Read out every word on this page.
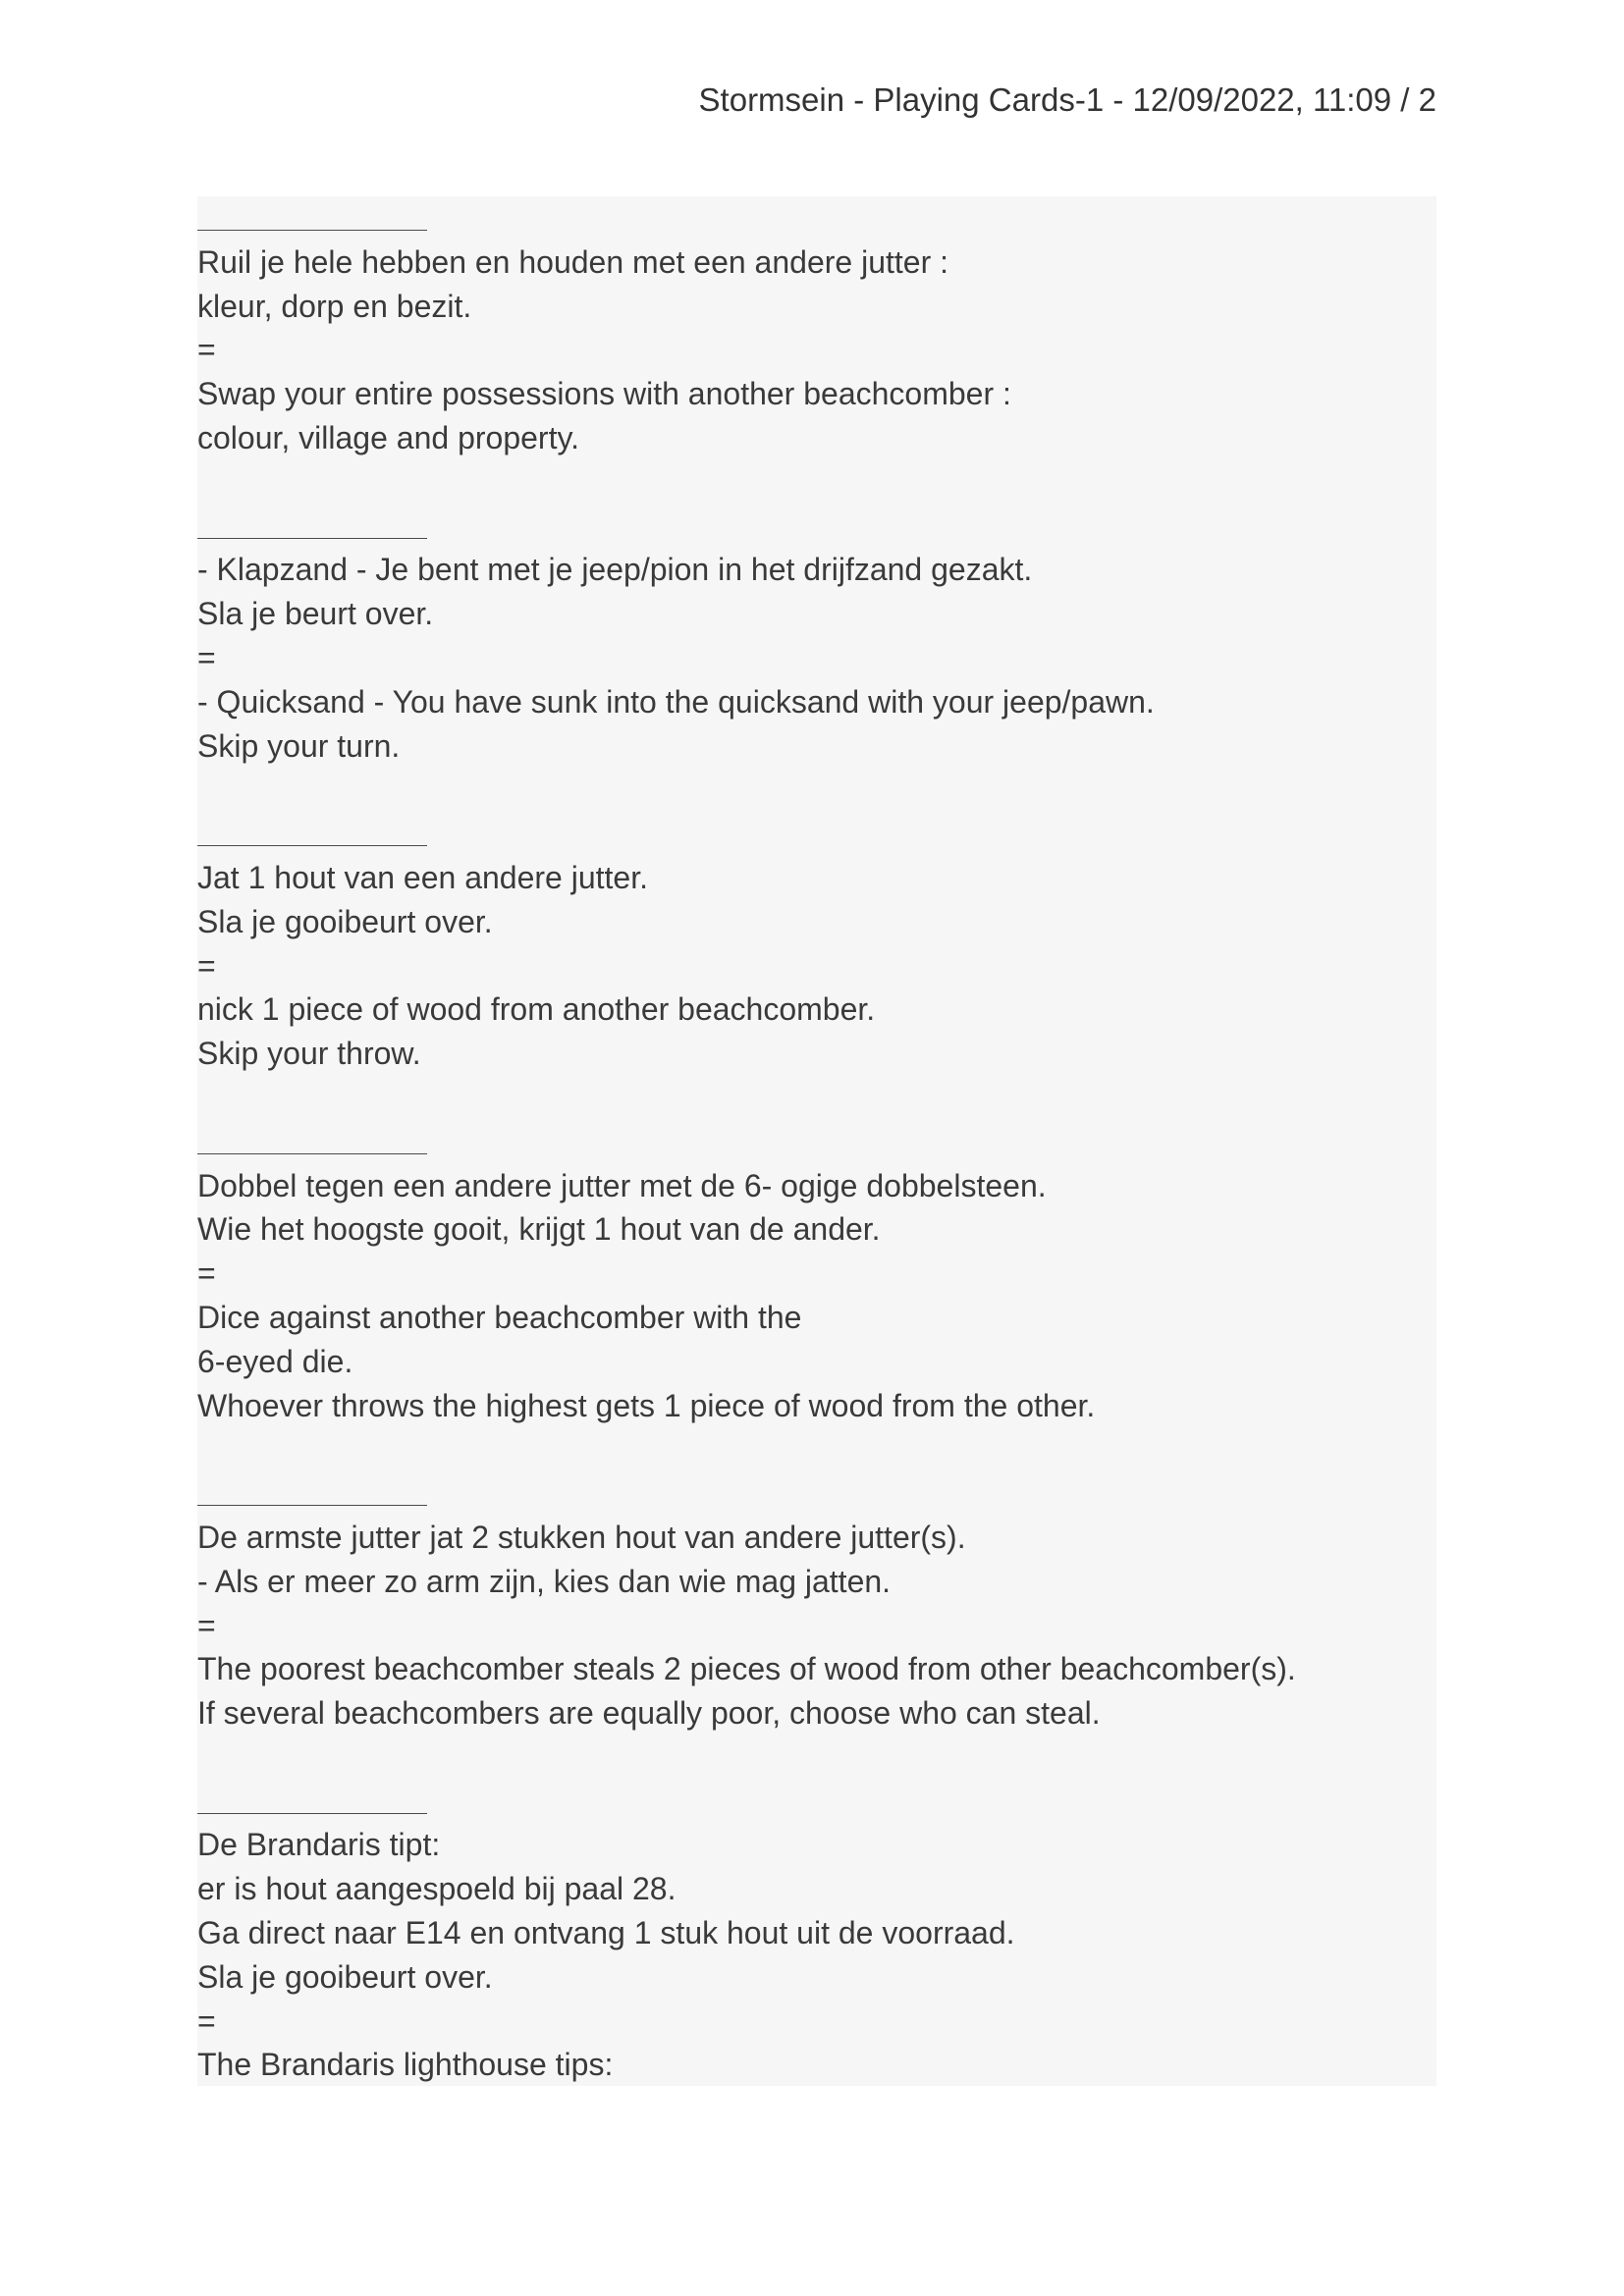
Stormsein - Playing Cards-1 - 12/09/2022, 11:09 / 2
Ruil je hele hebben en houden met een andere jutter :
kleur, dorp en bezit.
=
Swap your entire possessions with another beachcomber :
colour, village and property.
- Klapzand - Je bent met je jeep/pion in het drijfzand gezakt.
Sla je beurt over.
=
- Quicksand - You have sunk into the quicksand with your jeep/pawn.
Skip your turn.
Jat 1 hout van een andere jutter.
Sla je gooibeurt over.
=
nick 1 piece of wood from another beachcomber.
Skip your throw.
Dobbel tegen een andere jutter met de 6- ogige dobbelsteen.
Wie het hoogste gooit, krijgt 1 hout van de ander.
=
Dice against another beachcomber with the
6-eyed die.
Whoever throws the highest gets 1 piece of wood from the other.
De armste jutter jat 2 stukken hout van andere jutter(s).
- Als er meer zo arm zijn, kies dan wie mag jatten.
=
The poorest beachcomber steals 2 pieces of wood from other beachcomber(s).
If several beachcombers are equally poor, choose who can steal.
De Brandaris tipt:
er is hout aangespoeld bij paal 28.
Ga direct naar E14 en ontvang 1 stuk hout uit de voorraad.
Sla je gooibeurt over.
=
The Brandaris lighthouse tips:
